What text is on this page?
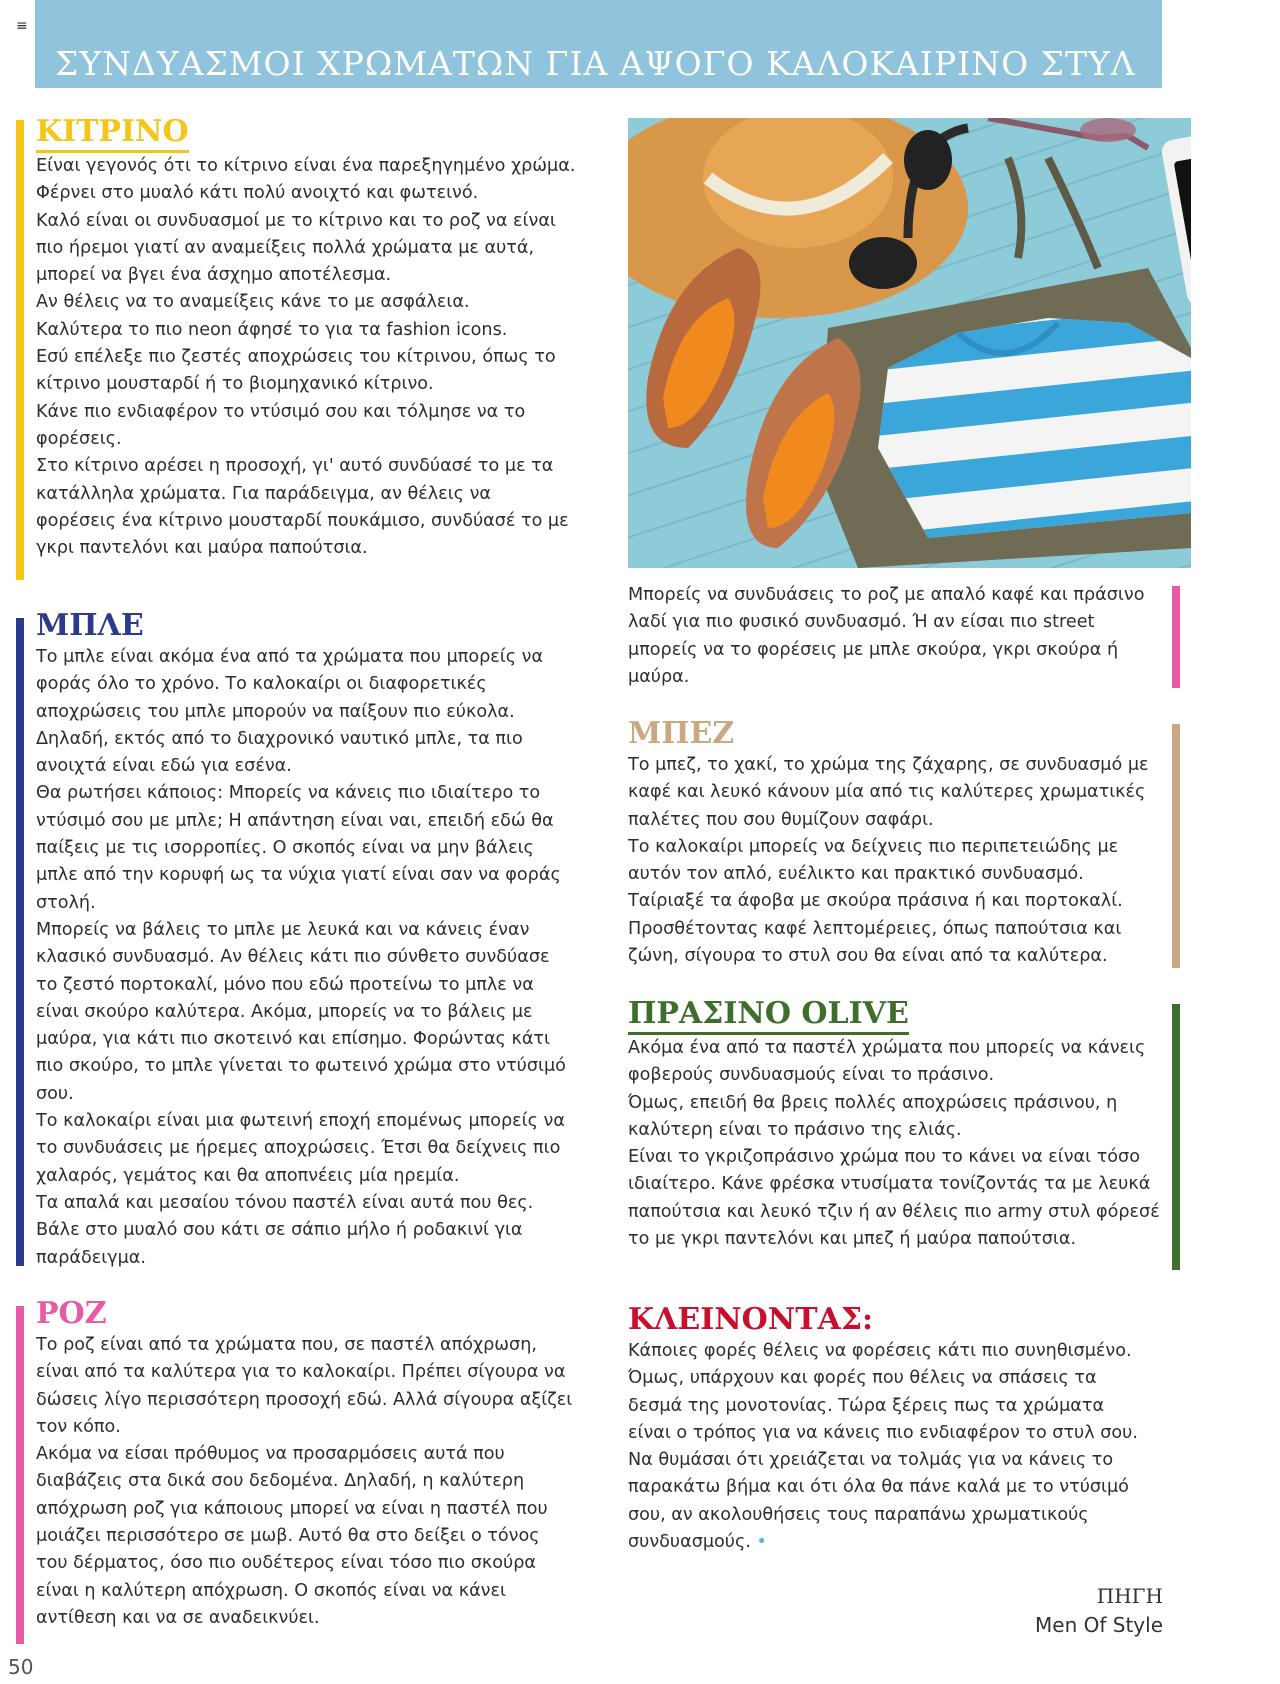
≡
ΣΥΝΔΥΑΣΜΟΙ ΧΡΩΜΑΤΩΝ ΓΙΑ ΑΨΟΓΟ ΚΑΛΟΚΑΙΡΙΝΟ ΣΤΥΛ
ΚΙΤΡΙΝΟ

Είναι γεγονός ότι το κίτρινο είναι ένα παρεξηγημένο χρώμα. Φέρνει στο μυαλό κάτι πολύ ανοιχτό και φωτεινό.

Καλό είναι οι συνδυασμοί με το κίτρινο και το ροζ να είναι πιο ήρεμοι γιατί αν αναμείξεις πολλά χρώματα με αυτά, μπορεί να βγει ένα άσχημο αποτέλεσμα.

Αν θέλεις να το αναμείξεις κάνε το με ασφάλεια.

Καλύτερα το πιο neon άφησέ το για τα fashion icons.

Εσύ επέλεξε πιο ζεστές αποχρώσεις του κίτρινου, όπως το κίτρινο μουσταρδί ή το βιομηχανικό κίτρινο.

Κάνε πιο ενδιαφέρον το ντύσιμό σου και τόλμησε να το φορέσεις.

Στο κίτρινο αρέσει η προσοχή, γι' αυτό συνδύασέ το με τα κατάλληλα χρώματα. Για παράδειγμα, αν θέλεις να φορέσεις ένα κίτρινο μουσταρδί πουκάμισο, συνδύασέ το με γκρι παντελόνι και μαύρα παπούτσια.

ΜΠΛΕ

Το μπλε είναι ακόμα ένα από τα χρώματα που μπορείς να φοράς όλο το χρόνο. Το καλοκαίρι οι διαφορετικές αποχρώσεις του μπλε μπορούν να παίξουν πιο εύκολα. Δηλαδή, εκτός από το διαχρονικό ναυτικό μπλε, τα πιο ανοιχτά είναι εδώ για εσένα.

Θα ρωτήσει κάποιος: Μπορείς να κάνεις πιο ιδιαίτερο το ντύσιμό σου με μπλε; Η απάντηση είναι ναι, επειδή εδώ θα παίξεις με τις ισορροπίες. Ο σκοπός είναι να μην βάλεις μπλε από την κορυφή ως τα νύχια γιατί είναι σαν να φοράς στολή.

Μπορείς να βάλεις το μπλε με λευκά και να κάνεις έναν κλασικό συνδυασμό. Αν θέλεις κάτι πιο σύνθετο συνδύασε το ζεστό πορτοκαλί, μόνο που εδώ προτείνω το μπλε να είναι σκούρο καλύτερα. Ακόμα, μπορείς να το βάλεις με μαύρα, για κάτι πιο σκοτεινό και επίσημο. Φορώντας κάτι πιο σκούρο, το μπλε γίνεται το φωτεινό χρώμα στο ντύσιμό σου.

Το καλοκαίρι είναι μια φωτεινή εποχή επομένως μπορείς να το συνδυάσεις με ήρεμες αποχρώσεις. Έτσι θα δείχνεις πιο χαλαρός, γεμάτος και θα αποπνέεις μία ηρεμία.

Τα απαλά και μεσαίου τόνου παστέλ είναι αυτά που θες. Βάλε στο μυαλό σου κάτι σε σάπιο μήλο ή ροδακινί για παράδειγμα.

ΡΟΖ

Το ροζ είναι από τα χρώματα που, σε παστέλ απόχρωση, είναι από τα καλύτερα για το καλοκαίρι. Πρέπει σίγουρα να δώσεις λίγο περισσότερη προσοχή εδώ. Αλλά σίγουρα αξίζει τον κόπο.

Ακόμα να είσαι πρόθυμος να προσαρμόσεις αυτά που διαβάζεις στα δικά σου δεδομένα. Δηλαδή, η καλύτερη απόχρωση ροζ για κάποιους μπορεί να είναι η παστέλ που μοιάζει περισσότερο σε μωβ. Αυτό θα στο δείξει ο τόνος του δέρματος, όσο πιο ουδέτερος είναι τόσο πιο σκούρα είναι η καλύτερη απόχρωση. Ο σκοπός είναι να κάνει αντίθεση και να σε αναδεικνύει.

Μπορείς να συνδυάσεις το ροζ με απαλό καφέ και πράσινο λαδί για πιο φυσικό συνδυασμό. Ή αν είσαι πιο street μπορείς να το φορέσεις με μπλε σκούρα, γκρι σκούρα ή μαύρα.

ΜΠΕΖ

Το μπεζ, το χακί, το χρώμα της ζάχαρης, σε συνδυασμό με καφέ και λευκό κάνουν μία από τις καλύτερες χρωματικές παλέτες που σου θυμίζουν σαφάρι.

Το καλοκαίρι μπορείς να δείχνεις πιο περιπετειώδης με αυτόν τον απλό, ευέλικτο και πρακτικό συνδυασμό.

Ταίριαξέ τα άφοβα με σκούρα πράσινα ή και πορτοκαλί.

Προσθέτοντας καφέ λεπτομέρειες, όπως παπούτσια και ζώνη, σίγουρα το στυλ σου θα είναι από τα καλύτερα.

ΠΡΑΣΙΝΟ OLIVE

Ακόμα ένα από τα παστέλ χρώματα που μπορείς να κάνεις φοβερούς συνδυασμούς είναι το πράσινο.

Όμως, επειδή θα βρεις πολλές αποχρώσεις πράσινου, η καλύτερη είναι το πράσινο της ελιάς.

Είναι το γκριζοπράσινο χρώμα που το κάνει να είναι τόσο ιδιαίτερο. Κάνε φρέσκα ντυσίματα τονίζοντάς τα με λευκά παπούτσια και λευκό τζιν ή αν θέλεις πιο army στυλ φόρεσέ το με γκρι παντελόνι και μπεζ ή μαύρα παπούτσια.

ΚΛΕΙΝΟΝΤΑΣ:

Κάποιες φορές θέλεις να φορέσεις κάτι πιο συνηθισμένο. Όμως, υπάρχουν και φορές που θέλεις να σπάσεις τα δεσμά της μονοτονίας. Τώρα ξέρεις πως τα χρώματα είναι ο τρόπος για να κάνεις πιο ενδιαφέρον το στυλ σου.

Να θυμάσαι ότι χρειάζεται να τολμάς για να κάνεις το παρακάτω βήμα και ότι όλα θα πάνε καλά με το ντύσιμό σου, αν ακολουθήσεις τους παραπάνω χρωματικούς συνδυασμούς. •

ΠΗΓΗ
Men Of Style
50
